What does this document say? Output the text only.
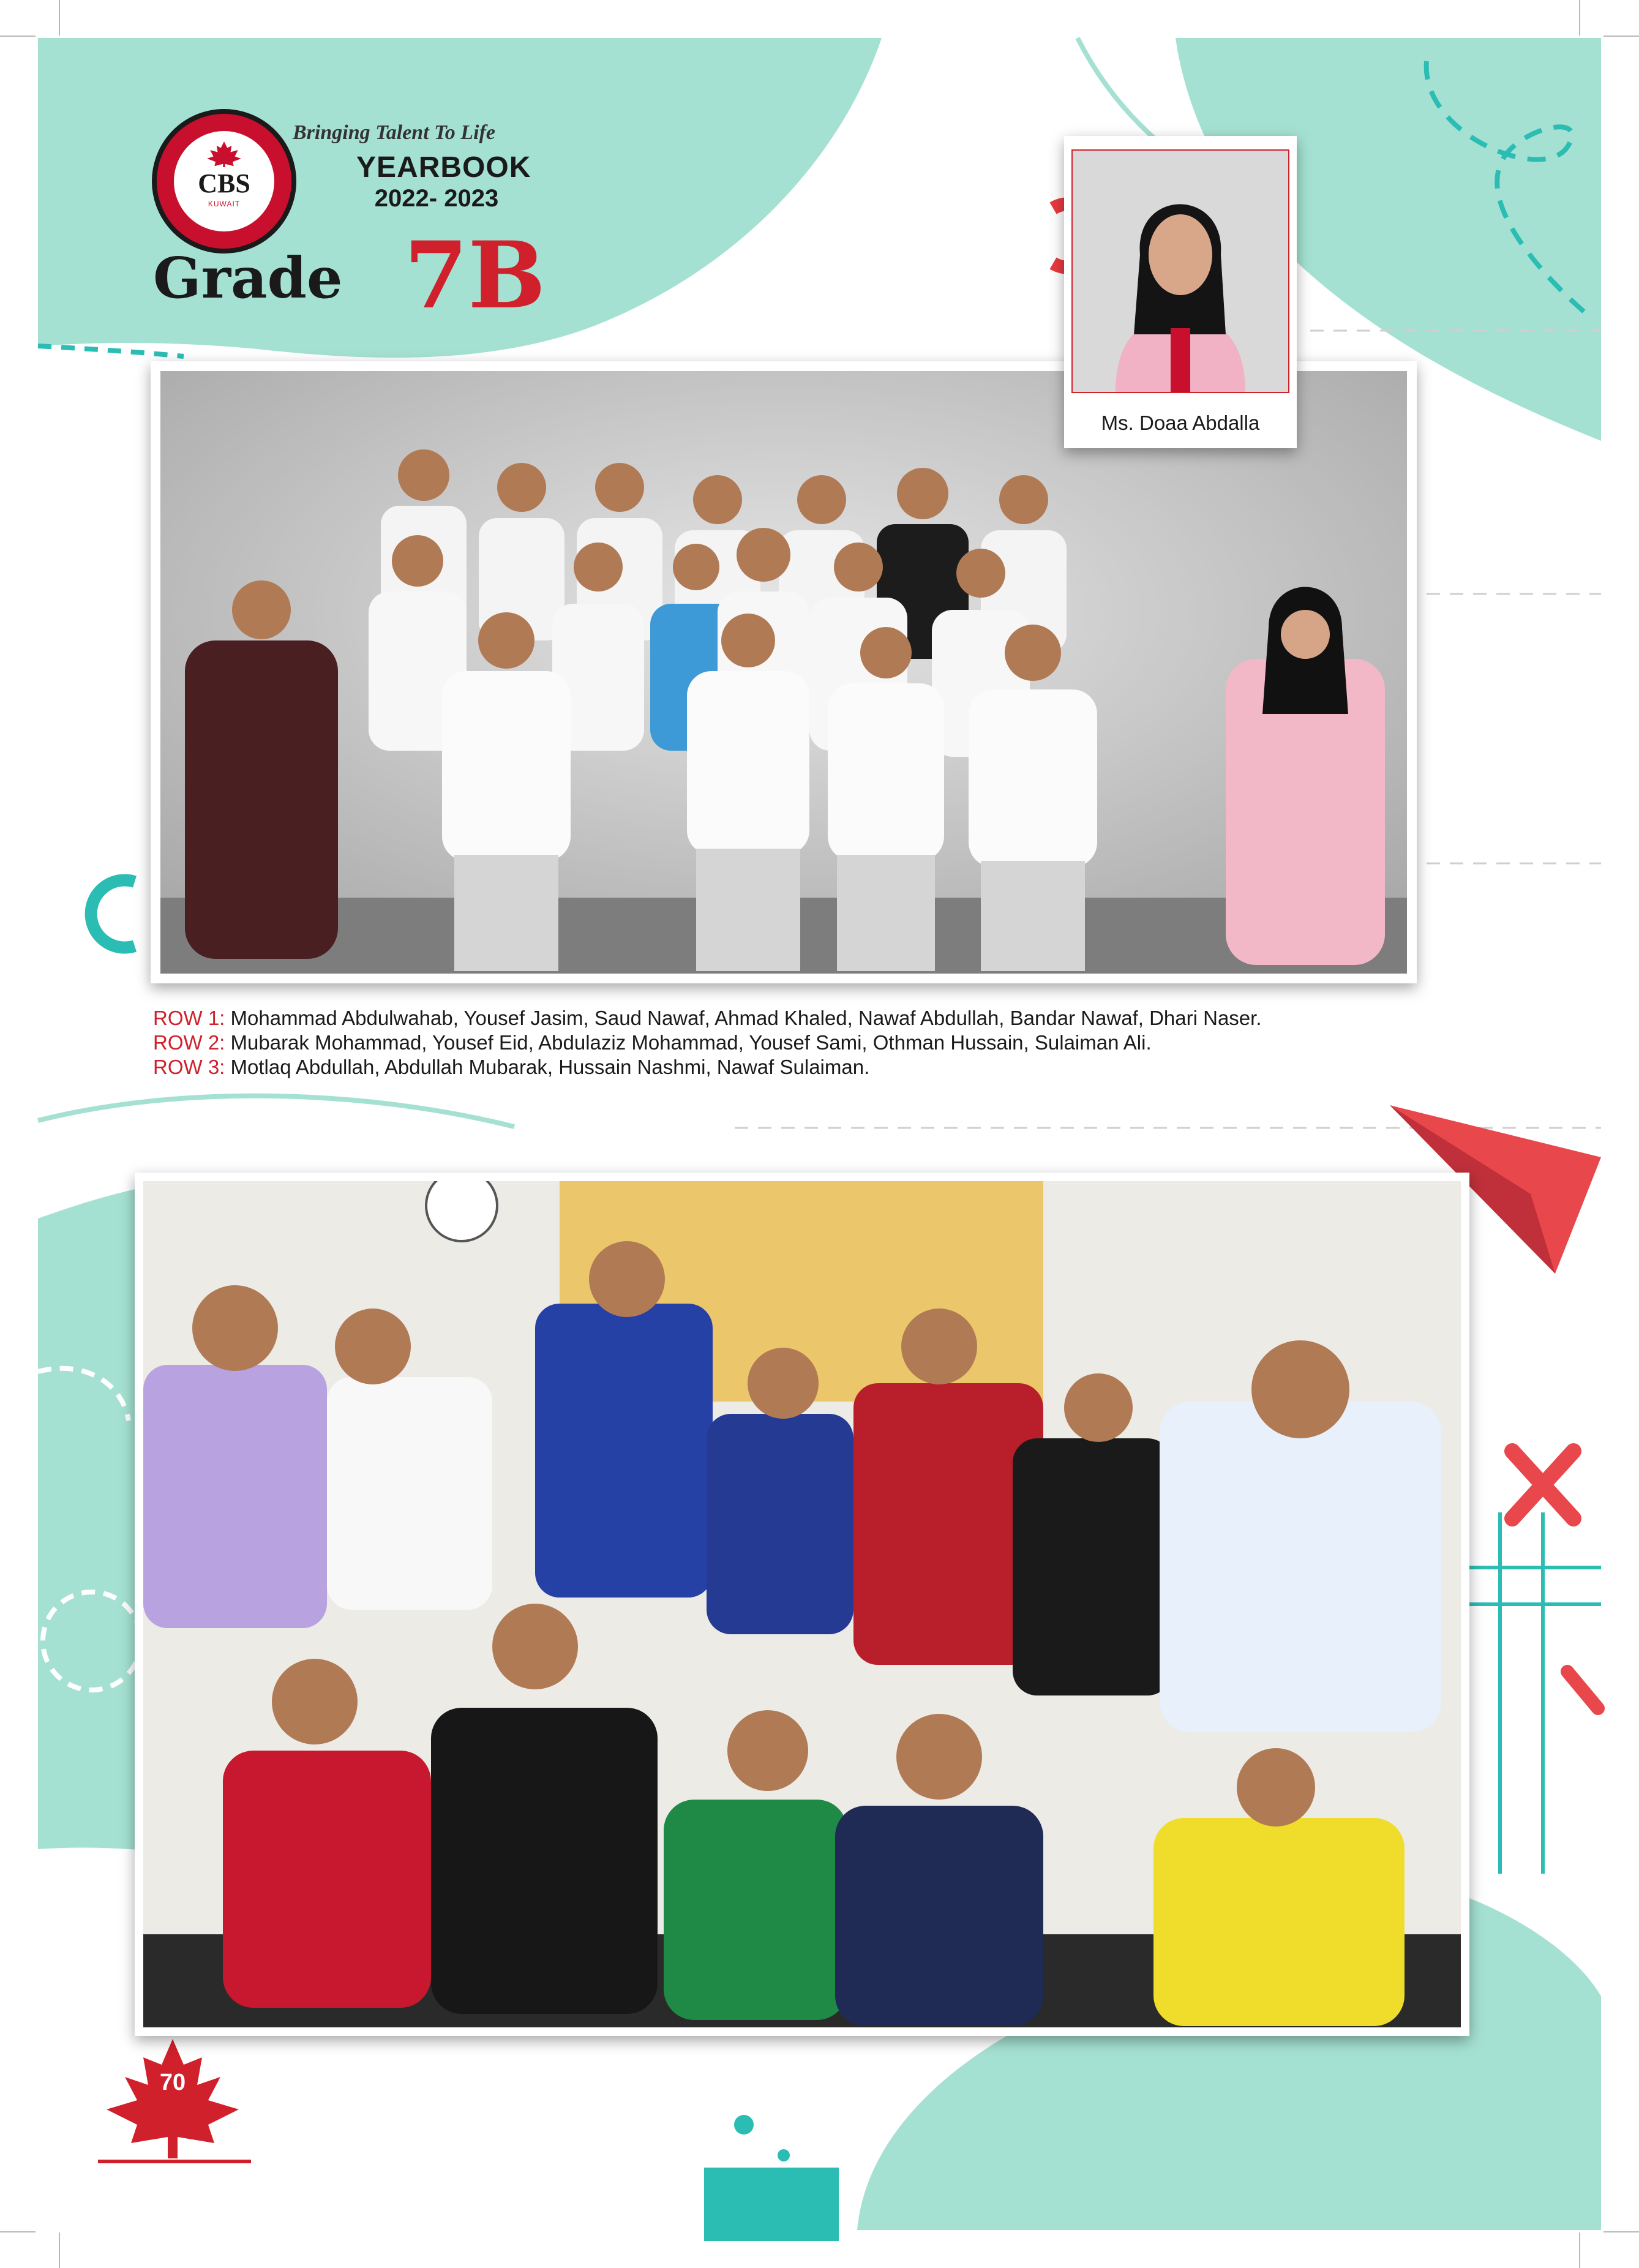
CBS
KUWAIT
Bringing Talent To Life
YEARBOOK
2022- 2023
Grade 7B
Ms. Doaa Abdalla
ROW 1: Mohammad Abdulwahab, Yousef Jasim, Saud Nawaf, Ahmad Khaled, Nawaf Abdullah, Bandar Nawaf, Dhari Naser.
ROW 2: Mubarak Mohammad, Yousef Eid, Abdulaziz Mohammad, Yousef Sami, Othman Hussain, Sulaiman Ali.
ROW 3: Motlaq Abdullah, Abdullah Mubarak, Hussain Nashmi, Nawaf Sulaiman.
70
